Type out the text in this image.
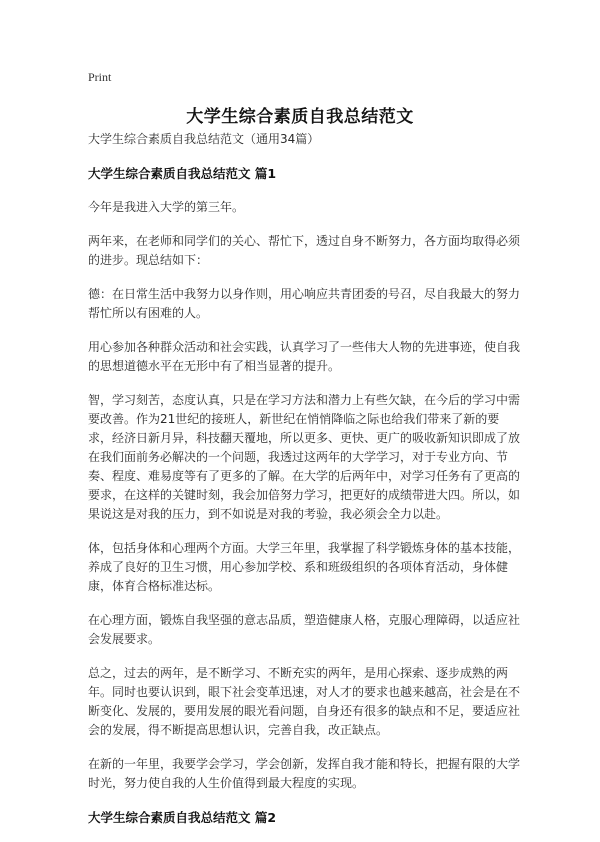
Print
大学生综合素质自我总结范文

大学生综合素质自我总结范文（通用34篇）

大学生综合素质自我总结范文 篇1

今年是我进入大学的第三年。

两年来，在老师和同学们的关心、帮忙下，透过自身不断努力，各方面均取得必须的进步。现总结如下：

德：在日常生活中我努力以身作则，用心响应共青团委的号召，尽自我最大的努力帮忙所以有困难的人。

用心参加各种群众活动和社会实践，认真学习了一些伟大人物的先进事迹，使自我的思想道德水平在无形中有了相当显著的提升。

智，学习刻苦，态度认真，只是在学习方法和潜力上有些欠缺，在今后的学习中需要改善。作为21世纪的接班人，新世纪在悄悄降临之际也给我们带来了新的要求，经济日新月异，科技翻天覆地，所以更多、更快、更广的吸收新知识即成了放在我们面前务必解决的一个问题，我透过这两年的大学学习，对于专业方向、节奏、程度、难易度等有了更多的了解。在大学的后两年中，对学习任务有了更高的要求，在这样的关键时刻，我会加倍努力学习，把更好的成绩带进大四。所以，如果说这是对我的压力，到不如说是对我的考验，我必须会全力以赴。

体，包括身体和心理两个方面。大学三年里，我掌握了科学锻炼身体的基本技能，养成了良好的卫生习惯，用心参加学校、系和班级组织的各项体育活动，身体健康，体育合格标准达标。

在心理方面，锻炼自我坚强的意志品质，塑造健康人格，克服心理障碍，以适应社会发展要求。

总之，过去的两年，是不断学习、不断充实的两年，是用心探索、逐步成熟的两年。同时也要认识到，眼下社会变革迅速，对人才的要求也越来越高，社会是在不断变化、发展的，要用发展的眼光看问题，自身还有很多的缺点和不足，要适应社会的发展，得不断提高思想认识，完善自我，改正缺点。

在新的一年里，我要学会学习，学会创新，发挥自我才能和特长，把握有限的大学时光，努力使自我的人生价值得到最大程度的实现。

大学生综合素质自我总结范文 篇2
